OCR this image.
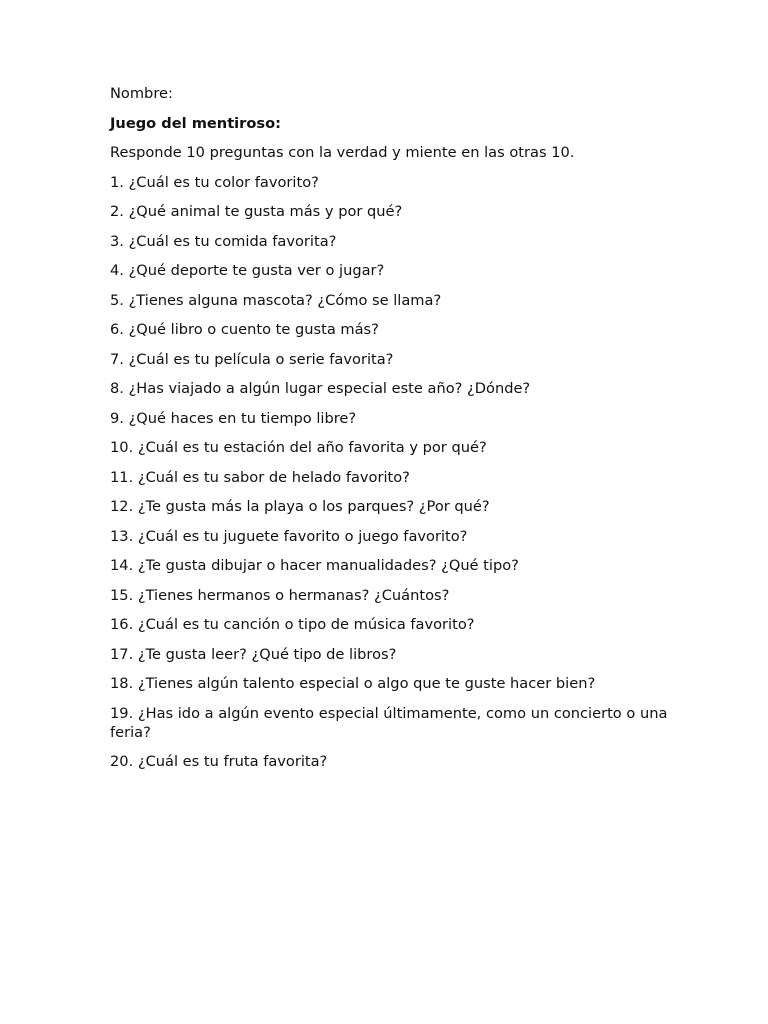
Nombre:
Juego del mentiroso:
Responde 10 preguntas con la verdad y miente en las otras 10.
1. ¿Cuál es tu color favorito?
2. ¿Qué animal te gusta más y por qué?
3. ¿Cuál es tu comida favorita?
4. ¿Qué deporte te gusta ver o jugar?
5. ¿Tienes alguna mascota? ¿Cómo se llama?
6. ¿Qué libro o cuento te gusta más?
7. ¿Cuál es tu película o serie favorita?
8. ¿Has viajado a algún lugar especial este año? ¿Dónde?
9. ¿Qué haces en tu tiempo libre?
10. ¿Cuál es tu estación del año favorita y por qué?
11. ¿Cuál es tu sabor de helado favorito?
12. ¿Te gusta más la playa o los parques? ¿Por qué?
13. ¿Cuál es tu juguete favorito o juego favorito?
14. ¿Te gusta dibujar o hacer manualidades? ¿Qué tipo?
15. ¿Tienes hermanos o hermanas? ¿Cuántos?
16. ¿Cuál es tu canción o tipo de música favorito?
17. ¿Te gusta leer? ¿Qué tipo de libros?
18. ¿Tienes algún talento especial o algo que te guste hacer bien?
19. ¿Has ido a algún evento especial últimamente, como un concierto o una feria?
20. ¿Cuál es tu fruta favorita?
